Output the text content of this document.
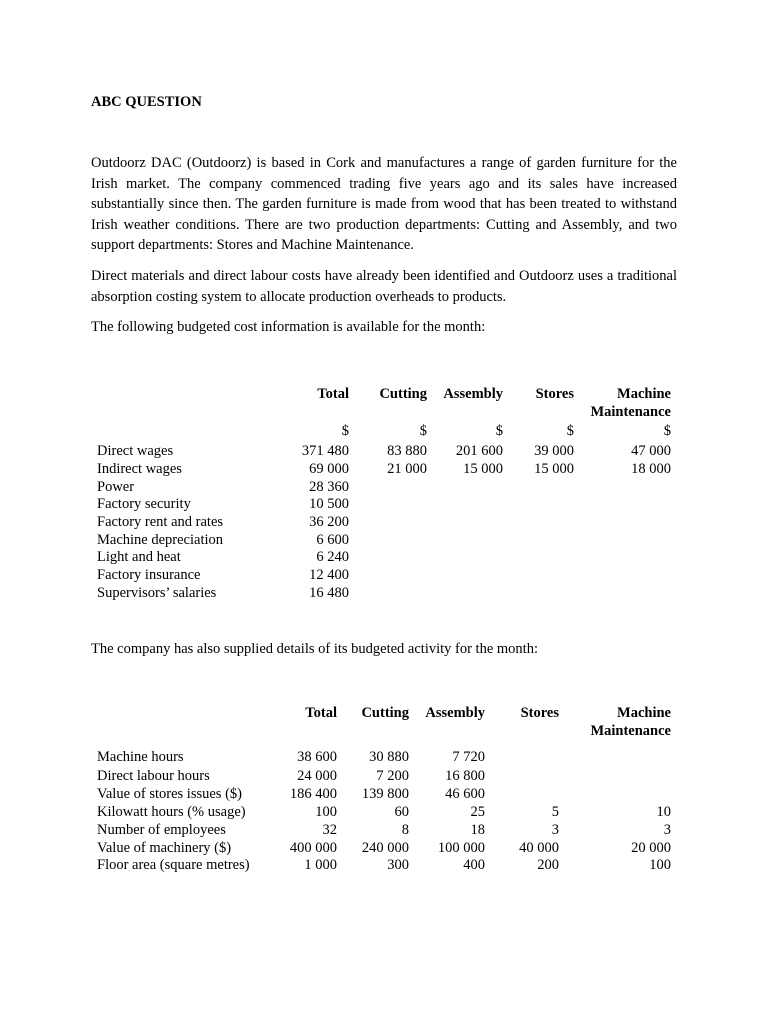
ABC QUESTION

Outdoorz DAC (Outdoorz) is based in Cork and manufactures a range of garden furniture for the Irish market. The company commenced trading five years ago and its sales have increased substantially since then. The garden furniture is made from wood that has been treated to withstand Irish weather conditions. There are two production departments: Cutting and Assembly, and two support departments: Stores and Machine Maintenance.

Direct materials and direct labour costs have already been identified and Outdoorz uses a traditional absorption costing system to allocate production overheads to products.

The following budgeted cost information is available for the month:

	Total	Cutting	Assembly	Stores	Machine
Maintenance
	$	$	$	$	$
Direct wages	371 480	83 880	201 600	39 000	47 000
Indirect wages	69 000	21 000	15 000	15 000	18 000
Power	28 360				
Factory security	10 500				
Factory rent and rates	36 200				
Machine depreciation	6 600				
Light and heat	6 240				
Factory insurance	12 400				
Supervisors’ salaries	16 480				

The company has also supplied details of its budgeted activity for the month:

	Total	Cutting	Assembly	Stores	Machine
Maintenance
Machine hours	38 600	30 880	7 720		
Direct labour hours	24 000	7 200	16 800		
Value of stores issues ($)	186 400	139 800	46 600		
Kilowatt hours (% usage)	100	60	25	5	10
Number of employees	32	8	18	3	3
Value of machinery ($)	400 000	240 000	100 000	40 000	20 000
Floor area (square metres)	1 000	300	400	200	100
